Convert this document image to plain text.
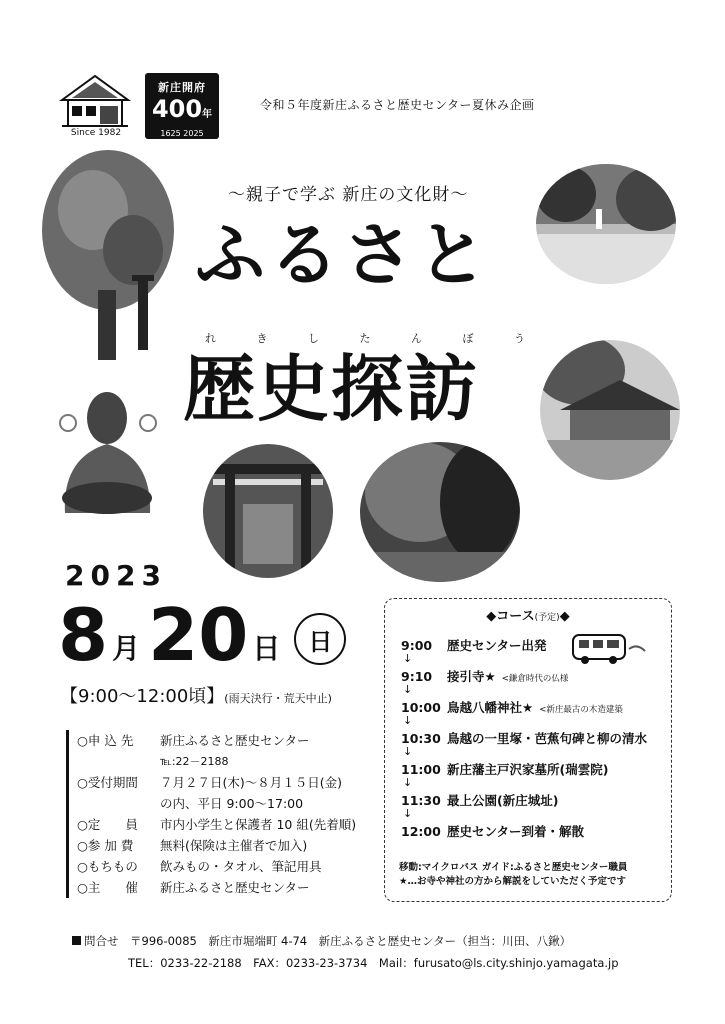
Since 1982
新庄開府
400年
1625 2025
令和５年度新庄ふるさと歴史センター夏休み企画
～親子で学ぶ 新庄の文化財～
ふるさと
れ	き	し	た	ん	ぼ	う
歴史探訪
2023
8 月 20 日	日
【9:00～12:00頃】(雨天決行・荒天中止)
○申 込 先	新庄ふるさと歴史センター
℡:22－2188
○受付期間	７月２７日(木)～８月１５日(金)
の内、平日 9:00～17:00
○定　　員	市内小学生と保護者 10 組(先着順)
○参 加 費	無料(保険は主催者で加入)
○もちもの	飲みもの・タオル、筆記用具
○主　　催	新庄ふるさと歴史センター
◆コース(予定)◆
9:00	歴史センター出発
↓
9:10	接引寺★ <鎌倉時代の仏様
↓
10:00 鳥越八幡神社★ <新庄最古の木造建築
↓
10:30 鳥越の一里塚・芭蕉句碑と柳の清水
↓
11:00 新庄藩主戸沢家墓所(瑞雲院)
↓
11:30 最上公園(新庄城址)
↓
12:00 歴史センター到着・解散
移動:マイクロバス ガイド:ふるさと歴史センター職員
★…お寺や神社の方から解説をしていただく予定です
問合せ　 〒996-0085　新庄市堀端町 4-74　新庄ふるさと歴史センター（担当：川田、八鍬）
TEL：0233-22-2188　FAX：0233-23-3734　Mail：furusato@ls.city.shinjo.yamagata.jp
